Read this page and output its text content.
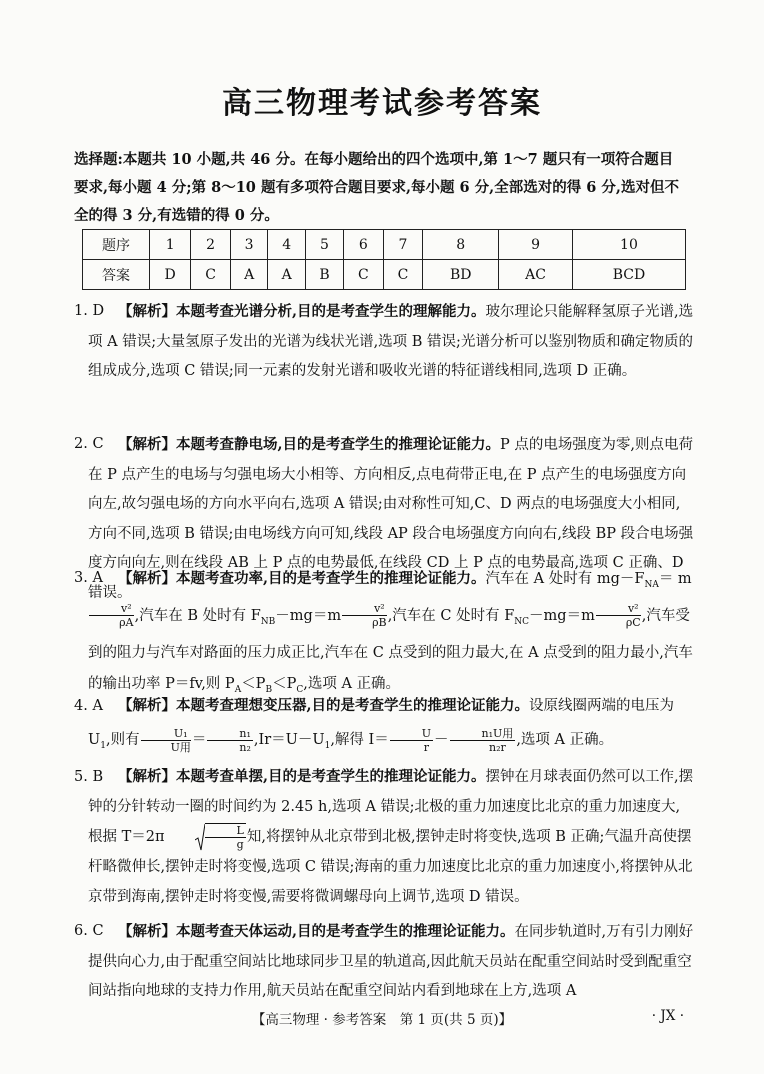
高三物理考试参考答案

选择题:本题共 10 小题,共 46 分。在每小题给出的四个选项中,第 1～7 题只有一项符合题目

要求,每小题 4 分;第 8～10 题有多项符合题目要求,每小题 6 分,全部选对的得 6 分,选对但不

全的得 3 分,有选错的得 0 分。

题序	1	2	3	4	5	6	7	8	9	10
答案	D	C	A	A	B	C	C	BD	AC	BCD
1. D 【解析】本题考查光谱分析,目的是考查学生的理解能力。玻尔理论只能解释氢原子光谱,选项 A 错误;大量氢原子发出的光谱为线状光谱,选项 B 错误;光谱分析可以鉴别物质和确定物质的组成成分,选项 C 错误;同一元素的发射光谱和吸收光谱的特征谱线相同,选项 D 正确。
2. C 【解析】本题考查静电场,目的是考查学生的推理论证能力。P 点的电场强度为零,则点电荷在 P 点产生的电场与匀强电场大小相等、方向相反,点电荷带正电,在 P 点产生的电场强度方向向左,故匀强电场的方向水平向右,选项 A 错误;由对称性可知,C、D 两点的电场强度大小相同,方向不同,选项 B 错误;由电场线方向可知,线段 AP 段合电场强度方向向右,线段 BP 段合电场强度方向向左,则在线段 AB 上 P 点的电势最低,在线段 CD 上 P 点的电势最高,选项 C 正确、D 错误。
3. A	【解析】本题考查功率,目的是考查学生的推理论证能力。汽车在 A 处时有 $mg-F_{NA}= m$
$\frac{\text{v²}}{\rho A}$ ,汽车在 B 处时有 $F_{NB}-mg=m \frac{\text{v²}}{\rho B}$ ,汽车在 C 处时有 $F_{NC}-mg=m \frac{\text{v²}}{\rho C}$ ,汽车受到的阻力与汽车对路面的压力成正比,汽车在 C 点受到的阻力最大,在 A 点受到的阻力最小,汽车的输出功率 P＝fv,则 $P_A<P_B<P_C$,选项 A 正确。
4. A	【解析】本题考查理想变压器,目的是考查学生的推理论证能力。设原线圈两端的电压为 $U_1$,则有 $\frac{\text{U₁}}{\text{U用}} = \frac{\text{n₁}}{\text{n₂}} ,Ir=U-U_1$,解得 $I= \frac{U}{r} - \frac{\text{n₁U用}}{\text{n₂r}}$ ,选项 A 正确。
5. B	【解析】本题考查单摆,目的是考查学生的推理论证能力。摆钟在月球表面仍然可以工作,摆钟的分针转动一圈的时间约为 2.45 h,选项 A 错误;北极的重力加速度比北京的重力加速度大,根据 T＝2π	$\frac{L}{g}$ 知,将摆钟从北京带到北极,摆钟走时将变快,选项 B 正确;气温升高使摆杆略微伸长,摆钟走时将变慢,选项 C 错误;海南的重力加速度比北京的重力加速度小,将摆钟从北京带到海南,摆钟走时将变慢,需要将微调螺母向上调节,选项 D 错误。
6. C 【解析】本题考查天体运动,目的是考查学生的推理论证能力。在同步轨道时,万有引力刚好提供向心力,由于配重空间站比地球同步卫星的轨道高,因此航天员站在配重空间站时受到配重空间站指向地球的支持力作用,航天员站在配重空间站内看到地球在上方,选项 A
【高三物理 · 参考答案　第 1 页(共 5 页)】	· JX ·
